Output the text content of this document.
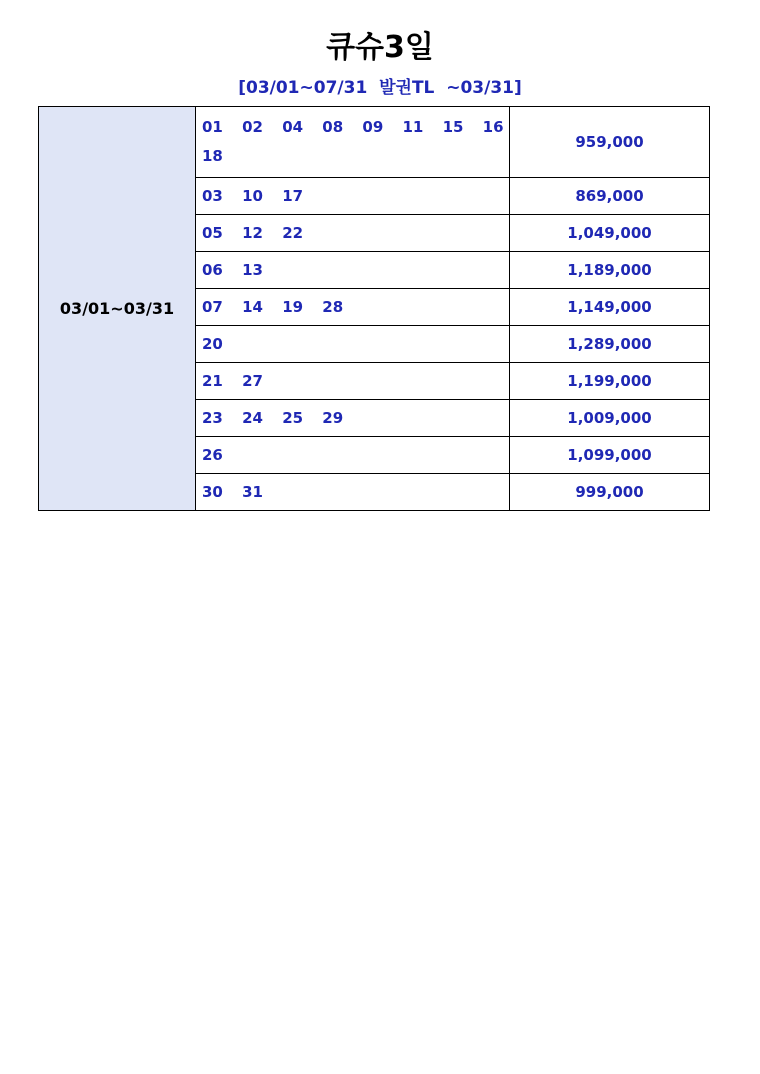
큐슈3일
[03/01~07/31  발권TL  ~03/31]
03/01~03/31	01 02 04 08 09 11 15 16 18	959,000
	03 10 17	869,000
	05 12 22	1,049,000
	06 13	1,189,000
	07 14 19 28	1,149,000
	20	1,289,000
	21 27	1,199,000
	23 24 25 29	1,009,000
	26	1,099,000
	30 31	999,000
